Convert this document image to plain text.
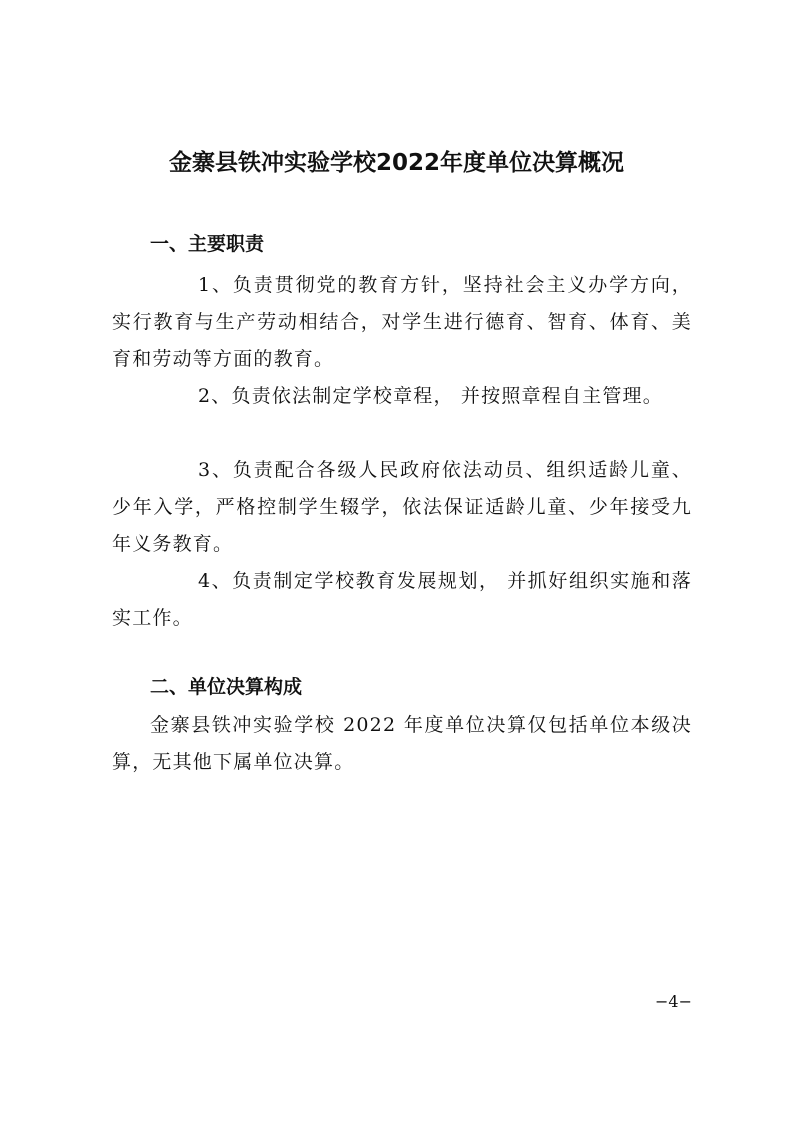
金寨县铁冲实验学校2022年度单位决算概况
一、主要职责

1、负责贯彻党的教育方针，坚持社会主义办学方向，实行教育与生产劳动相结合，对学生进行德育、智育、体育、美育和劳动等方面的教育。

2、负责依法制定学校章程， 并按照章程自主管理。

3、负责配合各级人民政府依法动员、组织适龄儿童、少年入学，严格控制学生辍学，依法保证适龄儿童、少年接受九年义务教育。

4、负责制定学校教育发展规划， 并抓好组织实施和落实工作。

二、单位决算构成

金寨县铁冲实验学校 2022 年度单位决算仅包括单位本级决算，无其他下属单位决算。

−4−
